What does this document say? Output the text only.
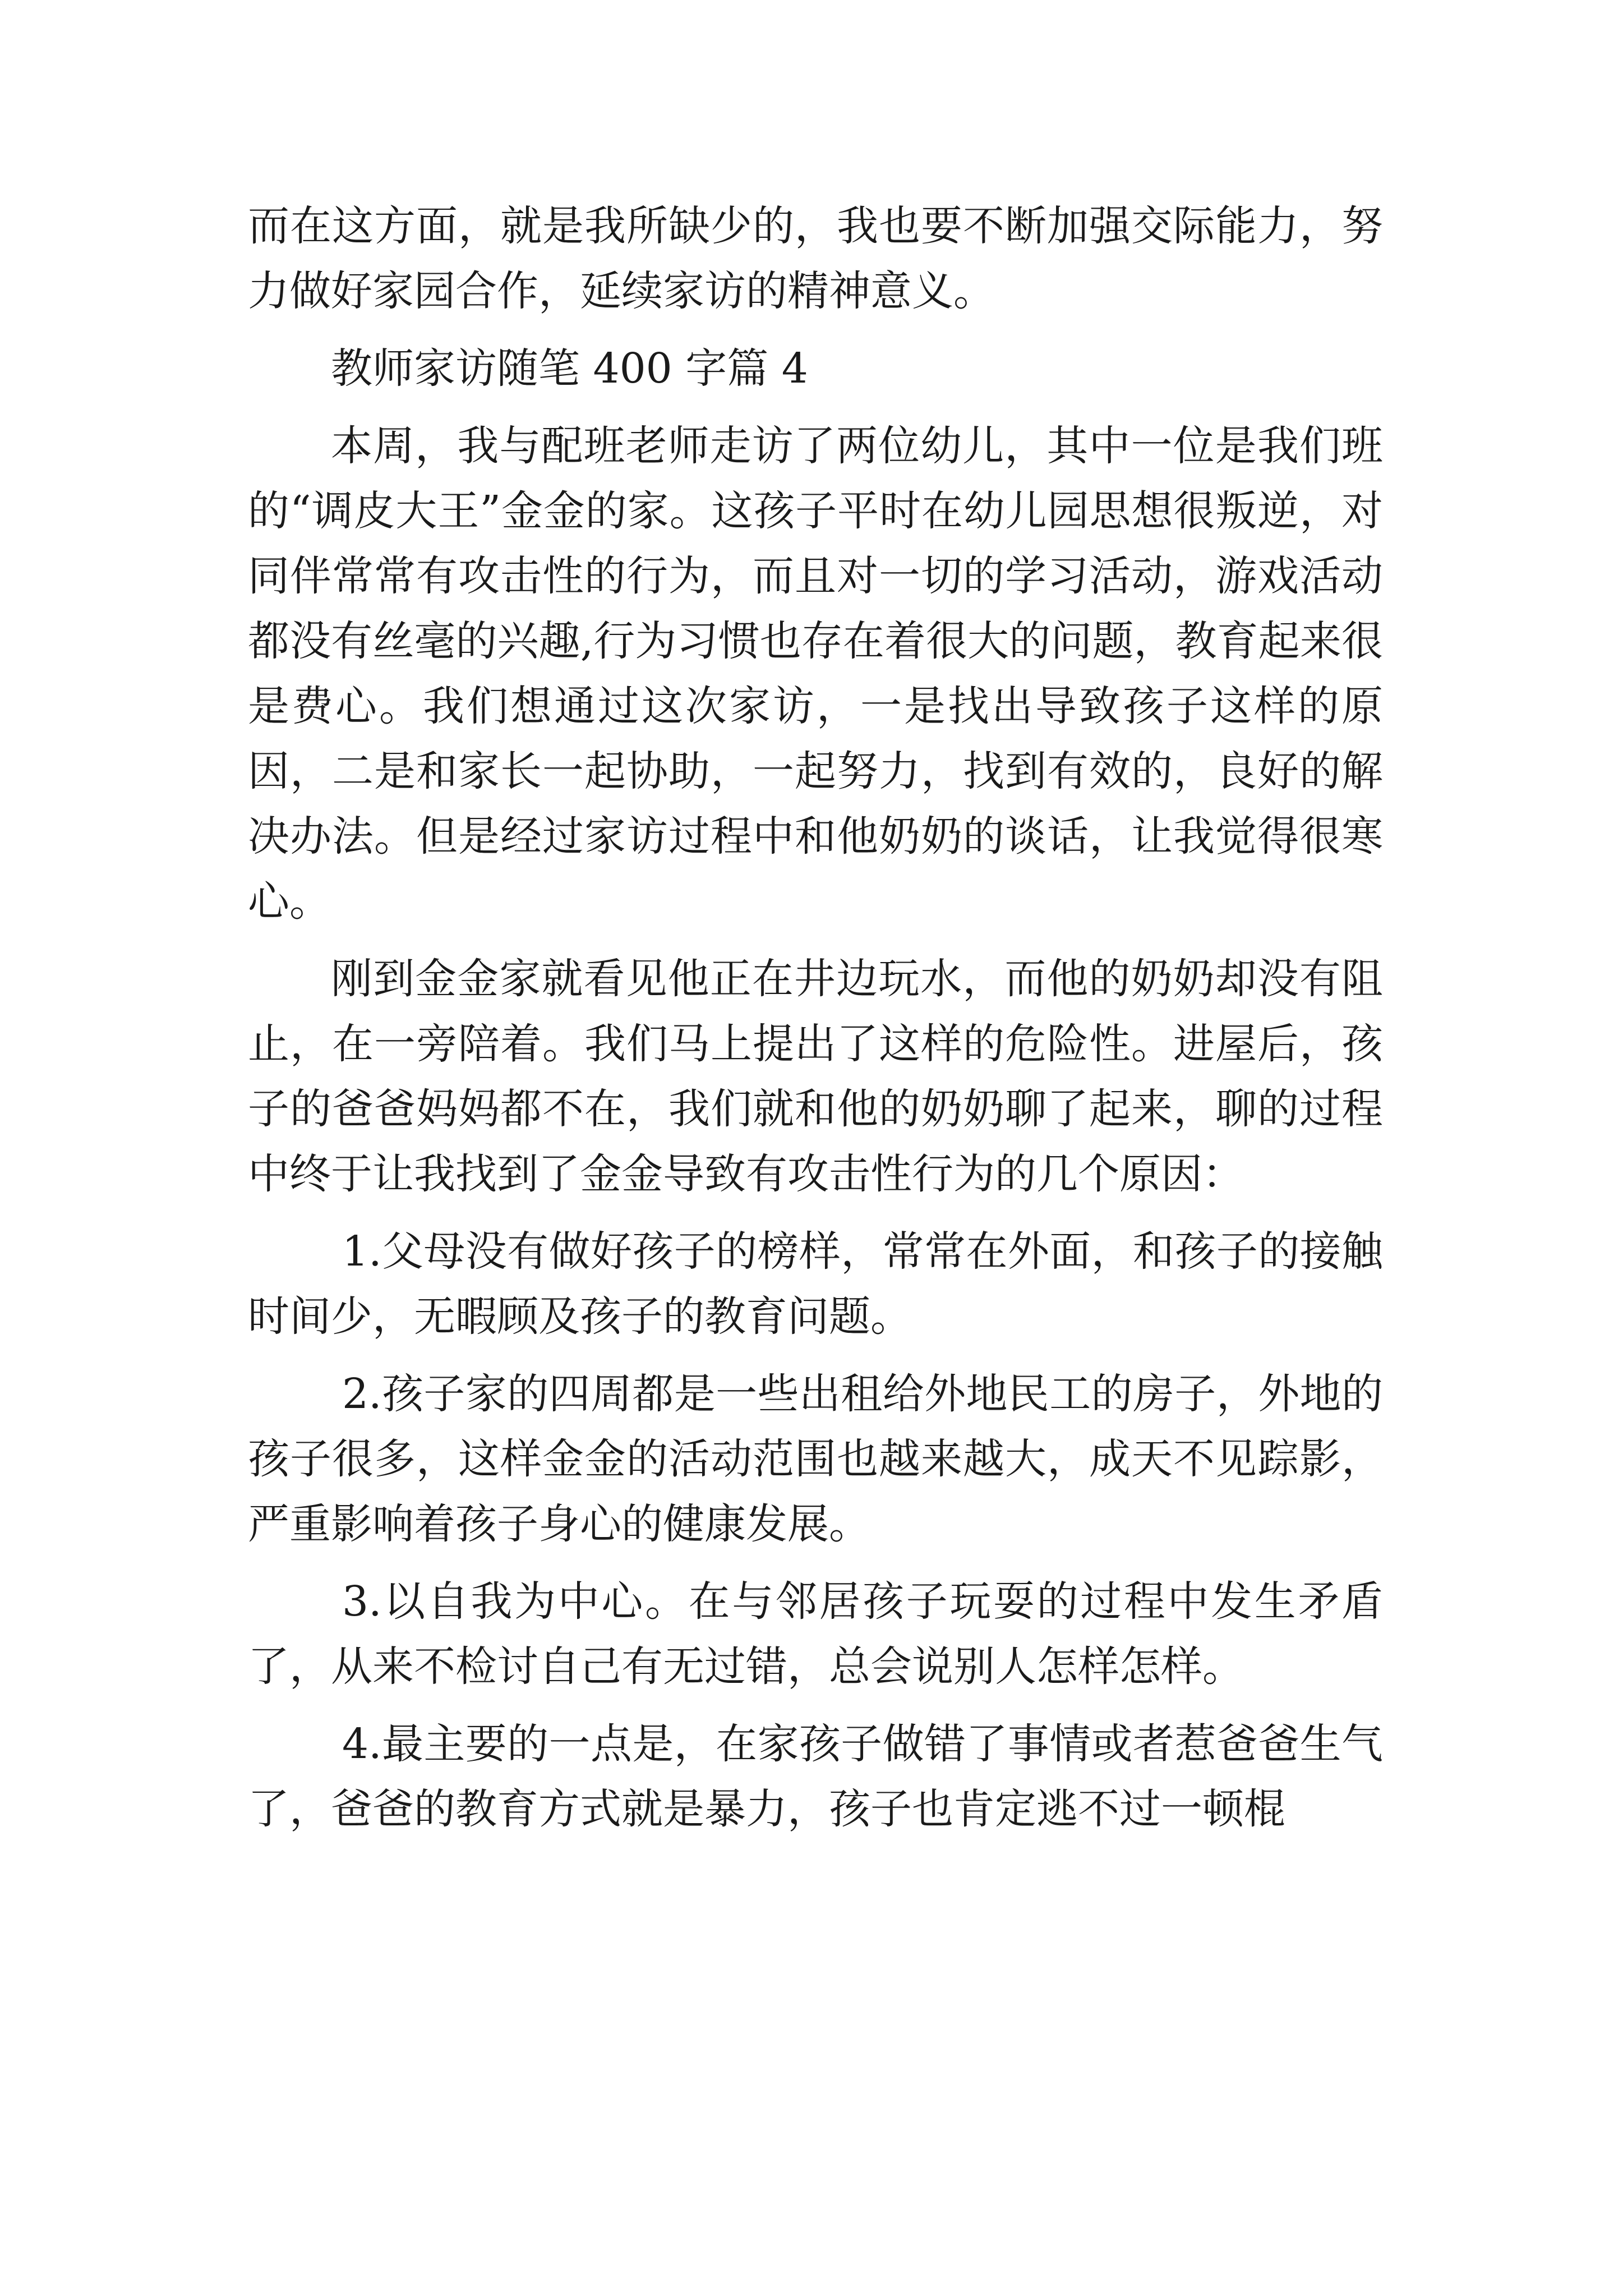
而在这方面，就是我所缺少的，我也要不断加强交际能力，努力做好家园合作，延续家访的精神意义。

教师家访随笔 400 字篇 4

本周，我与配班老师走访了两位幼儿，其中一位是我们班的“调皮大王”金金的家。这孩子平时在幼儿园思想很叛逆，对同伴常常有攻击性的行为，而且对一切的学习活动，游戏活动都没有丝毫的兴趣,行为习惯也存在着很大的问题，教育起来很是费心。我们想通过这次家访，一是找出导致孩子这样的原因，二是和家长一起协助，一起努力，找到有效的，良好的解决办法。但是经过家访过程中和他奶奶的谈话，让我觉得很寒心。

刚到金金家就看见他正在井边玩水，而他的奶奶却没有阻止，在一旁陪着。我们马上提出了这样的危险性。进屋后，孩子的爸爸妈妈都不在，我们就和他的奶奶聊了起来，聊的过程中终于让我找到了金金导致有攻击性行为的几个原因：

1.父母没有做好孩子的榜样，常常在外面，和孩子的接触时间少，无暇顾及孩子的教育问题。

2.孩子家的四周都是一些出租给外地民工的房子，外地的孩子很多，这样金金的活动范围也越来越大，成天不见踪影，严重影响着孩子身心的健康发展。

3.以自我为中心。在与邻居孩子玩耍的过程中发生矛盾了，从来不检讨自己有无过错，总会说别人怎样怎样。

4.最主要的一点是，在家孩子做错了事情或者惹爸爸生气了，爸爸的教育方式就是暴力，孩子也肯定逃不过一顿棍
